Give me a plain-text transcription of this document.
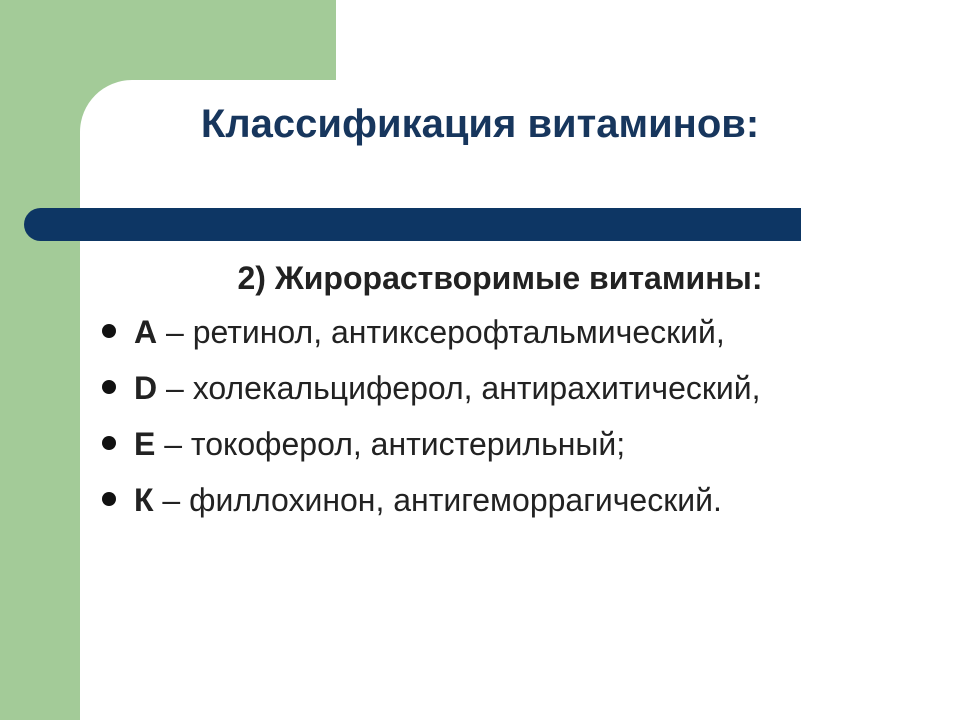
Классификация витаминов:
2) Жирорастворимые витамины:
A – ретинол, антиксерофтальмический,
D – холекальциферол, антирахитический,
E – токоферол, антистерильный;
К – филлохинон, антигеморрагический.
